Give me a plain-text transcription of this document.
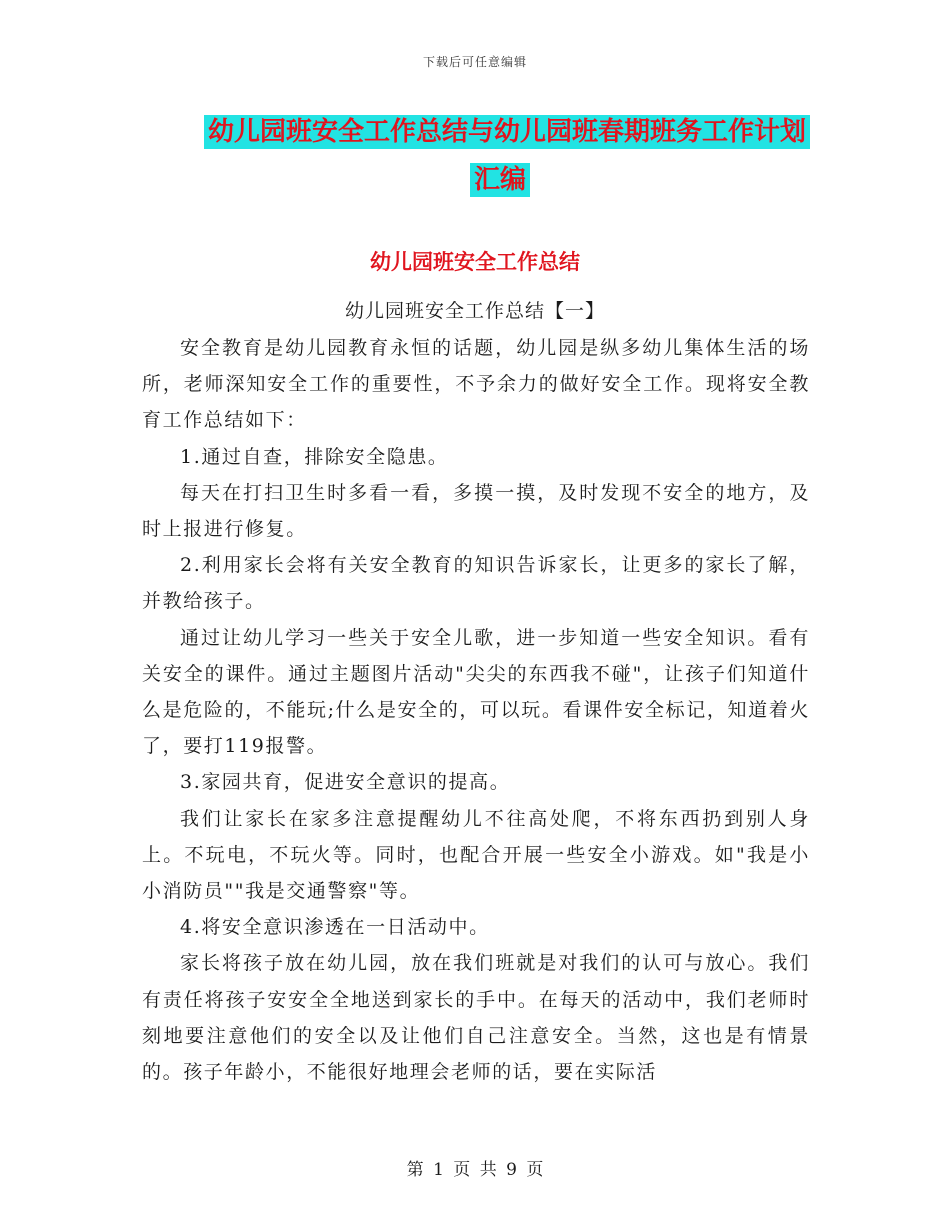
下载后可任意编辑
幼儿园班安全工作总结与幼儿园班春期班务工作计划
汇编
幼儿园班安全工作总结
幼儿园班安全工作总结【一】

安全教育是幼儿园教育永恒的话题，幼儿园是纵多幼儿集体生活的场所，老师深知安全工作的重要性，不予余力的做好安全工作。现将安全教育工作总结如下：

1.通过自查，排除安全隐患。

每天在打扫卫生时多看一看，多摸一摸，及时发现不安全的地方，及时上报进行修复。

2.利用家长会将有关安全教育的知识告诉家长，让更多的家长了解，并教给孩子。

通过让幼儿学习一些关于安全儿歌，进一步知道一些安全知识。看有关安全的课件。通过主题图片活动"尖尖的东西我不碰"，让孩子们知道什么是危险的，不能玩;什么是安全的，可以玩。看课件安全标记，知道着火了，要打119报警。

3.家园共育，促进安全意识的提高。

我们让家长在家多注意提醒幼儿不往高处爬，不将东西扔到别人身上。不玩电，不玩火等。同时，也配合开展一些安全小游戏。如"我是小小消防员""我是交通警察"等。

4.将安全意识渗透在一日活动中。

家长将孩子放在幼儿园，放在我们班就是对我们的认可与放心。我们有责任将孩子安安全全地送到家长的手中。在每天的活动中，我们老师时刻地要注意他们的安全以及让他们自己注意安全。当然，这也是有情景的。孩子年龄小，不能很好地理会老师的话，要在实际活

第 1 页 共 9 页
